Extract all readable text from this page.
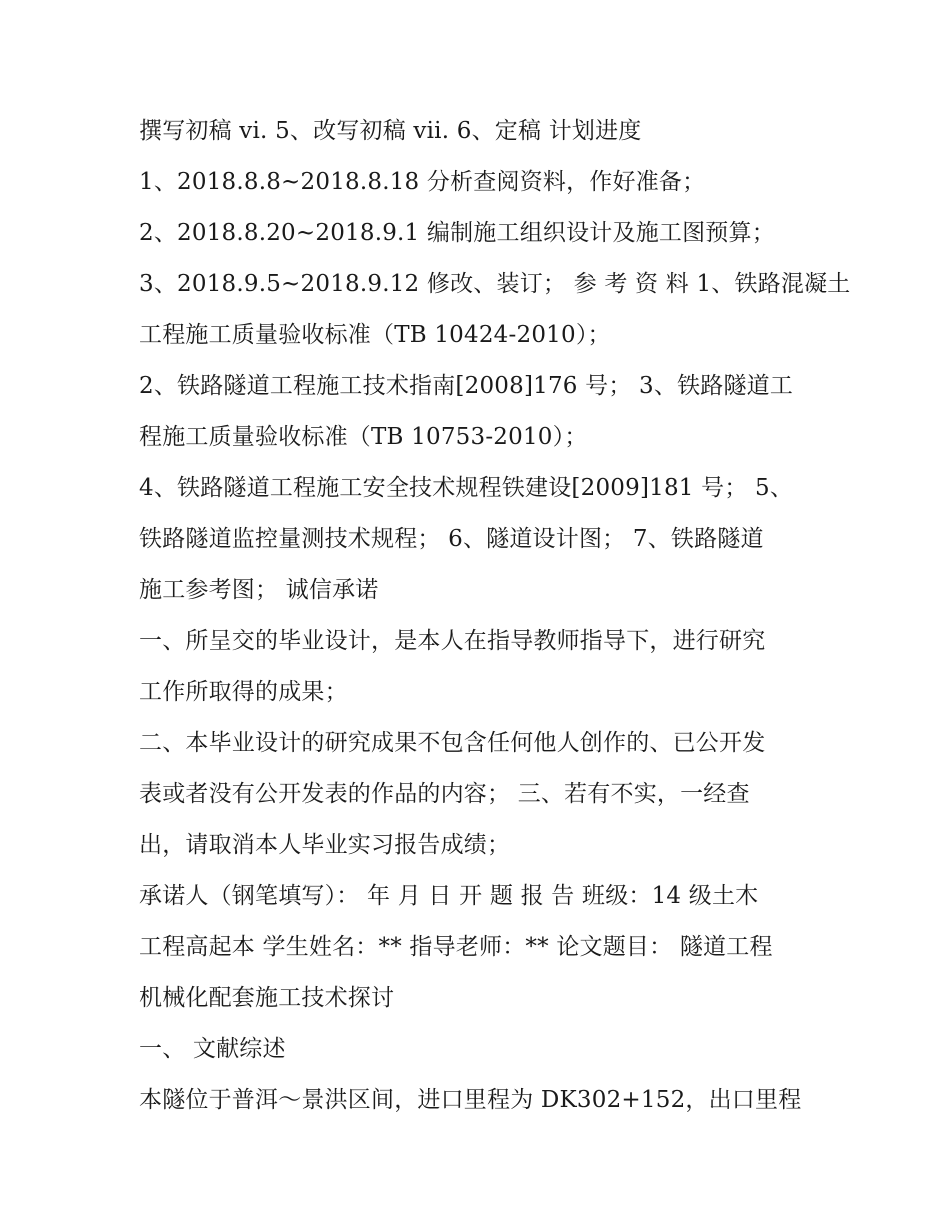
撰写初稿 vi. 5、改写初稿 vii. 6、定稿 计划进度
1、2018.8.8~2018.8.18 分析查阅资料，作好准备；
2、2018.8.20~2018.9.1 编制施工组织设计及施工图预算；
3、2018.9.5~2018.9.12 修改、装订； 参 考 资 料 1、铁路混凝土
工程施工质量验收标准（TB 10424-2010）；
2、铁路隧道工程施工技术指南[2008]176 号； 3、铁路隧道工
程施工质量验收标准（TB 10753-2010）；
4、铁路隧道工程施工安全技术规程铁建设[2009]181 号； 5、
铁路隧道监控量测技术规程； 6、隧道设计图； 7、铁路隧道
施工参考图； 诚信承诺
一、所呈交的毕业设计，是本人在指导教师指导下，进行研究
工作所取得的成果；
二、本毕业设计的研究成果不包含任何他人创作的、已公开发
表或者没有公开发表的作品的内容； 三、若有不实，一经查
出，请取消本人毕业实习报告成绩；
承诺人（钢笔填写）： 年 月 日 开 题 报 告 班级：14 级土木
工程高起本 学生姓名：** 指导老师：** 论文题目： 隧道工程
机械化配套施工技术探讨
一、 文献综述
本隧位于普洱～景洪区间，进口里程为 DK302+152，出口里程
